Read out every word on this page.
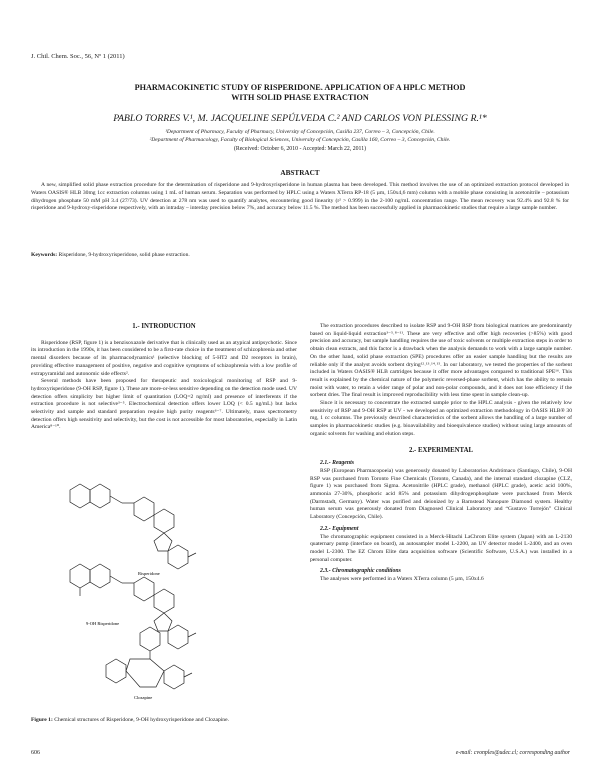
J. Chil. Chem. Soc., 56, Nº 1 (2011)
PHARMACOKINETIC STUDY OF RISPERIDONE. APPLICATION OF A HPLC METHOD
WITH SOLID PHASE EXTRACTION
PABLO TORRES V.¹, M. JACQUELINE SEPÚLVEDA C.² AND CARLOS VON PLESSING R.¹*
¹Department of Pharmacy, Faculty of Pharmacy, University of Concepción, Casilla 237, Correo – 3, Concepción, Chile.
²Department of Pharmacology, Faculty of Biological Sciences, University of Concepción, Casilla 160, Correo – 3, Concepción, Chile.
(Received: October 6, 2010 - Accepted: March 22, 2011)
ABSTRACT
A new, simplified solid phase extraction procedure for the determination of risperidone and 9-hydroxyrisperidone in human plasma has been developed. This method involves the use of an optimized extraction protocol developed in Waters OASIS® HLB 30mg 1cc extraction columns using 1 mL of human serum. Separation was performed by HPLC using a Waters XTerra RP-18 (5 µm, 150x4,6 mm) column with a mobile phase consisting in acetonitrile – potassium dihydrogen phosphate 50 mM pH 3.4 (27/73). UV detection at 278 nm was used to quantify analytes, encountering good linearity (r² > 0.999) in the 2-100 ng/mL concentration range. The mean recovery was 92.4% and 92.8 % for risperidone and 9-hydroxy-risperidone respectively, with an intraday – interday precision below 7%, and accuracy below 11.5 %. The method has been successfully applied in pharmacokinetic studies that require a large sample number.
Keywords: Risperidone, 9-hydroxyrisperidone, solid phase extraction.
1.- INTRODUCTION

Risperidone (RSP, figure 1) is a benzisoxazole derivative that is clinically used as an atypical antipsychotic. Since its introduction in the 1990s, it has been considered to be a first-rate choice in the treatment of schizophrenia and other mental disorders because of its pharmacodynamics¹ (selective blocking of 5-HT2 and D2 receptors in brain), providing effective management of positive, negative and cognitive symptoms of schizophrenia with a low profile of extrapyramidal and autonomic side effects².

Several methods have been proposed for therapeutic and toxicological monitoring of RSP and 9-hydroxyrisperidone (9-OH RSP, figure 1). These are more-or-less sensitive depending on the detection mode used. UV detection offers simplicity but higher limit of quantitation (LOQ=2 ng/ml) and presence of interferents if the extraction procedure is not selective³⁻⁵. Electrochemical detection offers lower LOQ (< 0.5 ng/mL) but lacks selectivity and sample and standard preparation require high purity reagents⁶⁻⁷. Ultimately, mass spectrometry detection offers high sensitivity and selectivity, but the cost is not accessible for most laboratories, especially in Latin America⁸⁻¹⁰.

Risperidone
9-OH Risperidone
Clozapine
Figure 1: Chemical structures of Risperidone, 9-OH hydroxyrisperidone and Clozapine.

The extraction procedures described to isolate RSP and 9-OH RSP from biological matrices are predominantly based on liquid-liquid extraction³⁻⁵˒⁸⁻¹¹. These are very effective and offer high recoveries (>85%) with good precision and accuracy, but sample handling requires the use of toxic solvents or multiple extraction steps in order to obtain clean extracts, and this factor is a drawback when the analysis demands to work with a large sample number. On the other hand, solid phase extraction (SPE) procedures offer an easier sample handling but the results are reliable only if the analyst avoids sorbent drying¹²˒¹³˒¹⁴˒¹⁵. In our laboratory, we tested the properties of the sorbent included in Waters OASIS® HLB cartridges because it offer more advantages compared to traditional SPE¹⁶. This result is explained by the chemical nature of the polymeric reversed-phase sorbent, which has the ability to remain moist with water, to retain a wider range of polar and non-polar compounds, and it does not lose efficiency if the sorbent dries. The final result is improved reproducibility with less time spent in sample clean-up.

Since it is necessary to concentrate the extracted sample prior to the HPLC analysis - given the relatively low sensitivity of RSP and 9-OH RSP at UV - we developed an optimized extraction methodology in OASIS HLB® 30 mg, 1 cc columns. The previously described characteristics of the sorbent allows the handling of a large number of samples in pharmacokinetic studies (e.g. bioavailability and bioequivalence studies) without using large amounts of organic solvents for washing and elution steps.

2.- EXPERIMENTAL
2.1.- Reagents

RSP (European Pharmacopoeia) was generously donated by Laboratorios Andrómaco (Santiago, Chile), 9-OH RSP was purchased from Toronto Fine Chemicals (Toronto, Canada), and the internal standard clozapine (CLZ, figure 1) was purchased from Sigma. Acetonitrile (HPLC grade), methanol (HPLC grade), acetic acid 100%, ammonia 27-30%, phosphoric acid 85% and potassium dihydrogenphosphate were purchased from Merck (Darmstadt, Germany). Water was purified and deionized by a Barnstead Nanopure Diamond system. Healthy human serum was generously donated from Diagnosed Clinical Laboratory and “Gustavo Torrejón” Clinical Laboratory (Concepción, Chile).

2.2.- Equipment

The chromatographic equipment consisted in a Merck-Hitachi LaChrom Elite system (Japan) with an L-2130 quaternary pump (interface on board), an autosampler model L-2200, an UV detector model L-2400, and an oven model L-2300. The EZ Chrom Elite data acquisition software (Scientific Software, U.S.A.) was installed in a personal computer.

2.3.- Chromatographic conditions

The analyses were performed in a Waters XTerra column (5 µm, 150x4.6

606	e-mail: cvonples@udec.cl; corresponding author
